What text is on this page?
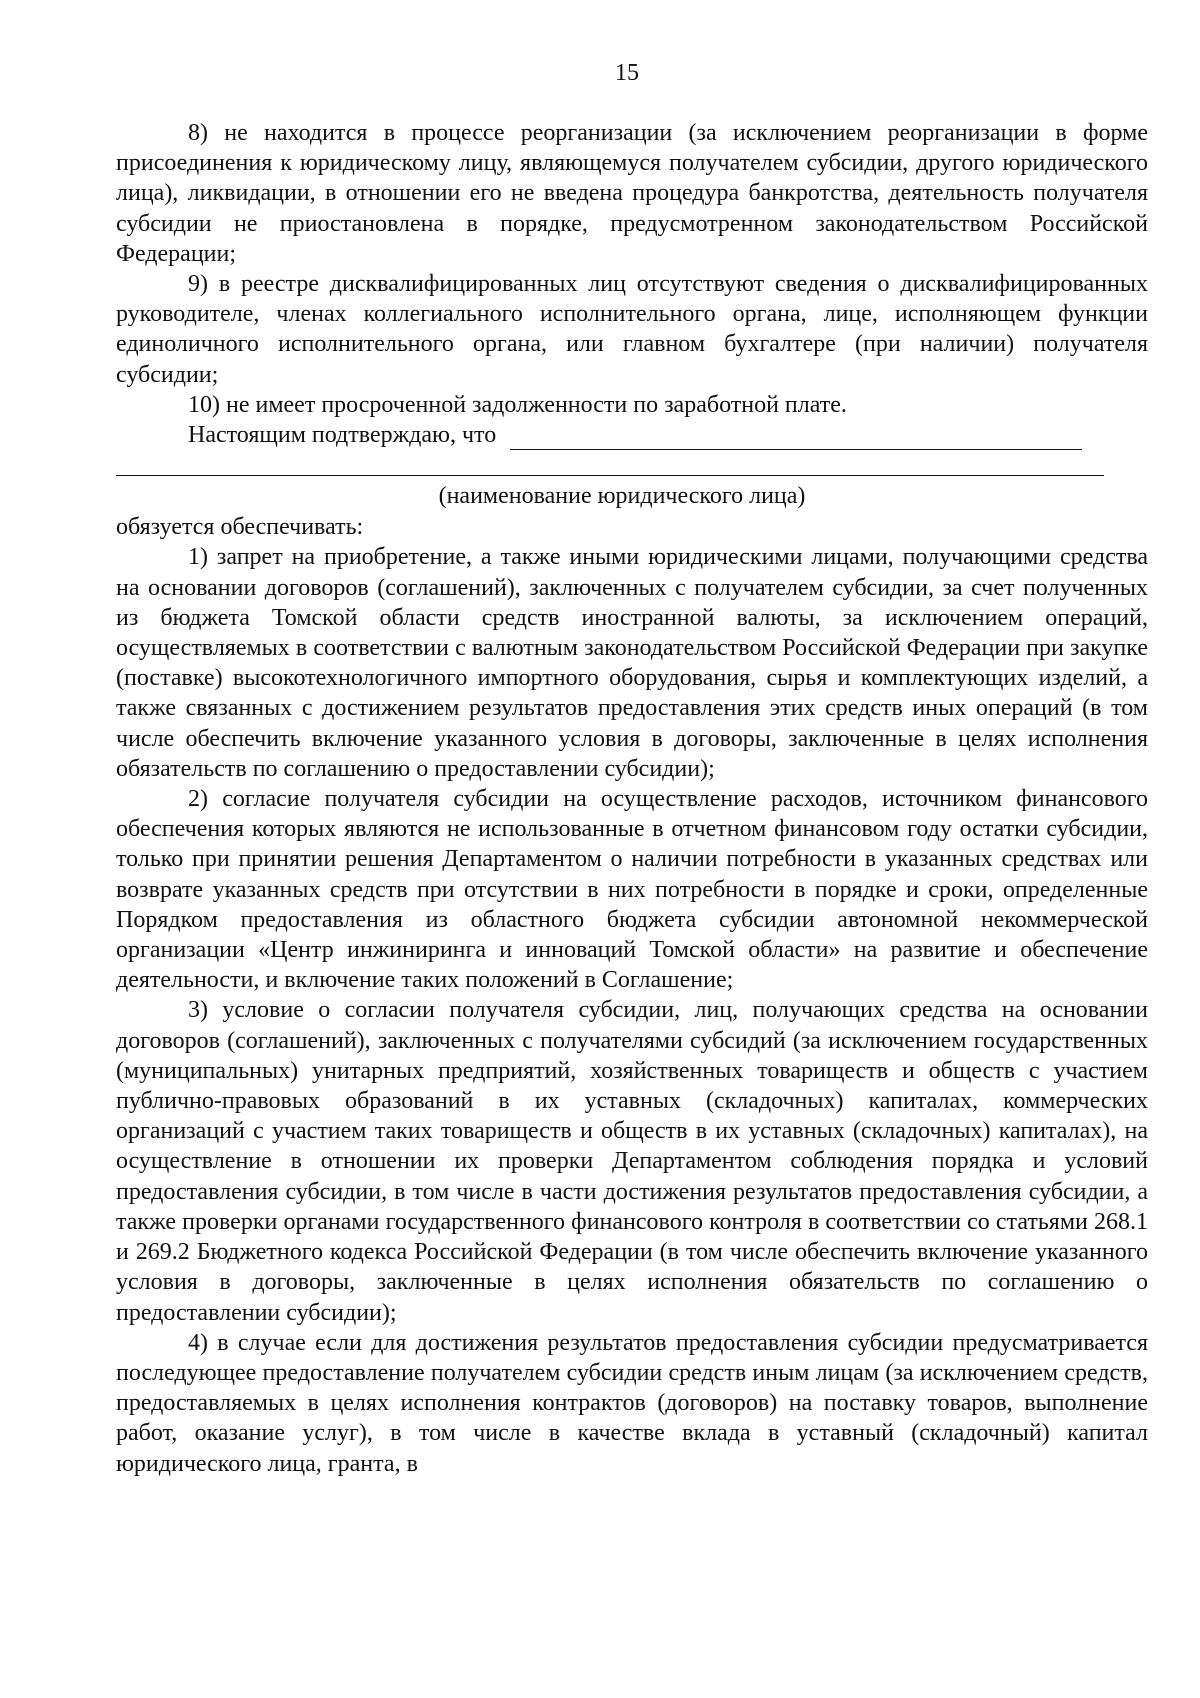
15

8) не находится в процессе реорганизации (за исключением реорганизации в форме присоединения к юридическому лицу, являющемуся получателем субсидии, другого юридического лица), ликвидации, в отношении его не введена процедура банкротства, деятельность получателя субсидии не приостановлена в порядке, предусмотренном законодательством Российской Федерации;

9) в реестре дисквалифицированных лиц отсутствуют сведения о дисквалифицированных руководителе, членах коллегиального исполнительного органа, лице, исполняющем функции единоличного исполнительного органа, или главном бухгалтере (при наличии) получателя субсидии;

10) не имеет просроченной задолженности по заработной плате.

Настоящим подтверждаю, что
(наименование юридического лица)

обязуется обеспечивать:

1) запрет на приобретение, а также иными юридическими лицами, получающими средства на основании договоров (соглашений), заключенных с получателем субсидии, за счет полученных из бюджета Томской области средств иностранной валюты, за исключением операций, осуществляемых в соответствии с валютным законодательством Российской Федерации при закупке (поставке) высокотехнологичного импортного оборудования, сырья и комплектующих изделий, а также связанных с достижением результатов предоставления этих средств иных операций (в том числе обеспечить включение указанного условия в договоры, заключенные в целях исполнения обязательств по соглашению о предоставлении субсидии);

2) согласие получателя субсидии на осуществление расходов, источником финансового обеспечения которых являются не использованные в отчетном финансовом году остатки субсидии, только при принятии решения Департаментом о наличии потребности в указанных средствах или возврате указанных средств при отсутствии в них потребности в порядке и сроки, определенные Порядком предоставления из областного бюджета субсидии автономной некоммерческой организации «Центр инжиниринга и инноваций Томской области» на развитие и обеспечение деятельности, и включение таких положений в Соглашение;

3) условие о согласии получателя субсидии, лиц, получающих средства на основании договоров (соглашений), заключенных с получателями субсидий (за исключением государственных (муниципальных) унитарных предприятий, хозяйственных товариществ и обществ с участием публично-правовых образований в их уставных (складочных) капиталах, коммерческих организаций с участием таких товариществ и обществ в их уставных (складочных) капиталах), на осуществление в отношении их проверки Департаментом соблюдения порядка и условий предоставления субсидии, в том числе в части достижения результатов предоставления субсидии, а также проверки органами государственного финансового контроля в соответствии со статьями 268.1 и 269.2 Бюджетного кодекса Российской Федерации (в том числе обеспечить включение указанного условия в договоры, заключенные в целях исполнения обязательств по соглашению о предоставлении субсидии);

4) в случае если для достижения результатов предоставления субсидии предусматривается последующее предоставление получателем субсидии средств иным лицам (за исключением средств, предоставляемых в целях исполнения контрактов (договоров) на поставку товаров, выполнение работ, оказание услуг), в том числе в качестве вклада в уставный (складочный) капитал юридического лица, гранта, в
